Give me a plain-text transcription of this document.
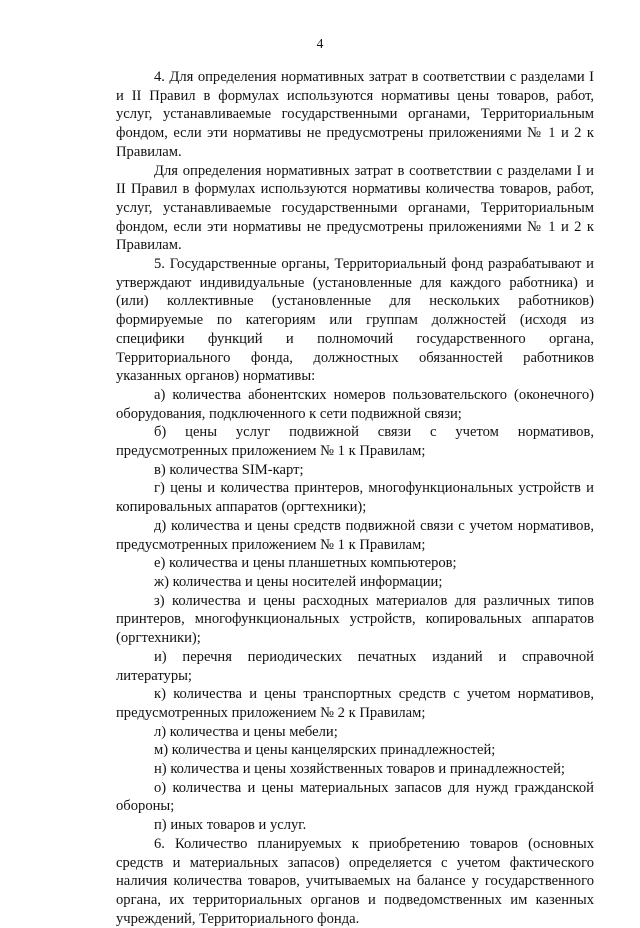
4

4. Для определения нормативных затрат в соответствии с разделами I и II Правил в формулах используются нормативы цены товаров, работ, услуг, устанавливаемые государственными органами, Территориальным фондом, если эти нормативы не предусмотрены приложениями № 1 и 2 к Правилам.

Для определения нормативных затрат в соответствии с разделами I и II Правил в формулах используются нормативы количества товаров, работ, услуг, устанавливаемые государственными органами, Территориальным фондом, если эти нормативы не предусмотрены приложениями № 1 и 2 к Правилам.

5. Государственные органы, Территориальный фонд разрабатывают и утверждают индивидуальные (установленные для каждого работника) и (или) коллективные (установленные для нескольких работников) формируемые по категориям или группам должностей (исходя из специфики функций и полномочий государственного органа, Территориального фонда, должностных обязанностей работников указанных органов) нормативы:

а) количества абонентских номеров пользовательского (оконечного) оборудования, подключенного к сети подвижной связи;

б) цены услуг подвижной связи с учетом нормативов, предусмотренных приложением № 1 к Правилам;

в) количества SIM-карт;

г) цены и количества принтеров, многофункциональных устройств и копировальных аппаратов (оргтехники);

д) количества и цены средств подвижной связи с учетом нормативов, предусмотренных приложением № 1 к Правилам;

е) количества и цены планшетных компьютеров;

ж) количества и цены носителей информации;

з) количества и цены расходных материалов для различных типов принтеров, многофункциональных устройств, копировальных аппаратов (оргтехники);

и) перечня периодических печатных изданий и справочной литературы;

к) количества и цены транспортных средств с учетом нормативов, предусмотренных приложением № 2 к Правилам;

л) количества и цены мебели;

м) количества и цены канцелярских принадлежностей;

н) количества и цены хозяйственных товаров и принадлежностей;

о) количества и цены материальных запасов для нужд гражданской обороны;

п) иных товаров и услуг.

6. Количество планируемых к приобретению товаров (основных средств и материальных запасов) определяется с учетом фактического наличия количества товаров, учитываемых на балансе у государственного органа, их территориальных органов и подведомственных им казенных учреждений, Территориального фонда.
